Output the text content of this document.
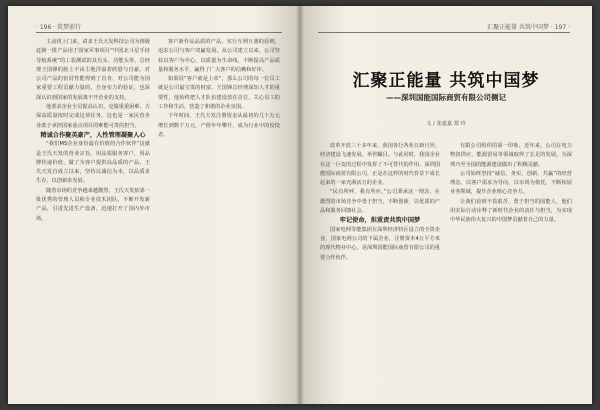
· 196 · 筑梦前行

主动找上门来，请求王氏天发科技公司为班级赶制一批产品用于国家军事项目“中国北斗星手持导航系统”的工装测试的具有头、功能头等，总经理王国锋的脸上不由主地洋溢着欣慰与自豪。对公司产品的密封性能得到了首肯，对公司能为国家重要工程贡献力量的，自身实力的验证，也深深认识到国家的发展离不开企业的支持。

他要求企业全员提高认识，克服重重困难，力保高质量按时完成这项任务。这也是一家民营企业敢于承担国家重点项目的难能可贵的担当。

精诚合作聚英豪产，人性管理凝聚人心

“我们MS企业身份最有价值的合作伙伴”这就是王氏天发的营业宗旨。用品质服务客户，用品牌传递价值，做了为客户提供高品质的产品。王氏天发自成立以来，坚持以诚信为本，以品质求生存，以创新求发展。

随着市场的竞争越来越激烈，王氏天发依靠一批优秀的管理人员和专业技术团队，不断开发新产品，引进先进生产设备，迅速打开了国内外市场。

客户新作品品质的产品，实行互利互惠的原则，追求公司与客户双赢发展。从公司建立以来，公司坚持以客户为中心，以质量为生命线，不断提高产品质量和服务水平，赢得了广大客户的信赖和好评。

如果说“客户就是上帝”，那么公司的每一位员工就是公司最宝贵的财富。王国锋总经理深知人才的重要性，他始终把人才队伍建设放在首位，关心员工的工作和生活，营造了和谐的企业氛围。

下年时间，王氏天发注册资金从最初的几十万元增长到数千万元，产值年年攀升，成为行业中的佼佼者。

汇聚正能量 共筑中国梦 · 197 ·
汇聚正能量 共筑中国梦
——深圳国能国际商贸有限公司侧记
文 / 张嘉嘉 郑 玲

改革开放三十多年来，我国各行各业日新月异，经济建设飞速发展，举世瞩目。与此同时，我国企业在这一巨变的过程中发挥了不可替代的作用。深圳国能国际商贸有限公司，正是在这样的时代背景下成长起来的一家充满活力的企业。

“民有所呼，我有所应。”公司秉承这一理念，在激烈的市场竞争中勇于担当，不断创新，以优质的产品和服务回馈社会。

牢记使命，担重责共筑中国梦

国家电网等能集团在深圳经济特区设立的全资企业，国家电网公司的下属企业，注册资本4万平方米的现代物业中心，是深圳国能国际商贸有限公司的重要合作伙伴。

有限公司组织的第一印象。近年来，公司在电力物资供应、能源贸易等领域取得了长足的发展，为深圳乃至全国的能源建设做出了积极贡献。

公司始终坚持“诚信、务实、创新、共赢”的经营理念，以客户需求为导向，以市场为依托，不断拓展业务领域，提升企业核心竞争力。

让我们看到不畏艰苦、勇于担当的国能人，他们用实际行动诠释了新时代企业的责任与担当，为实现中华民族伟大复兴的中国梦贡献着自己的力量。
